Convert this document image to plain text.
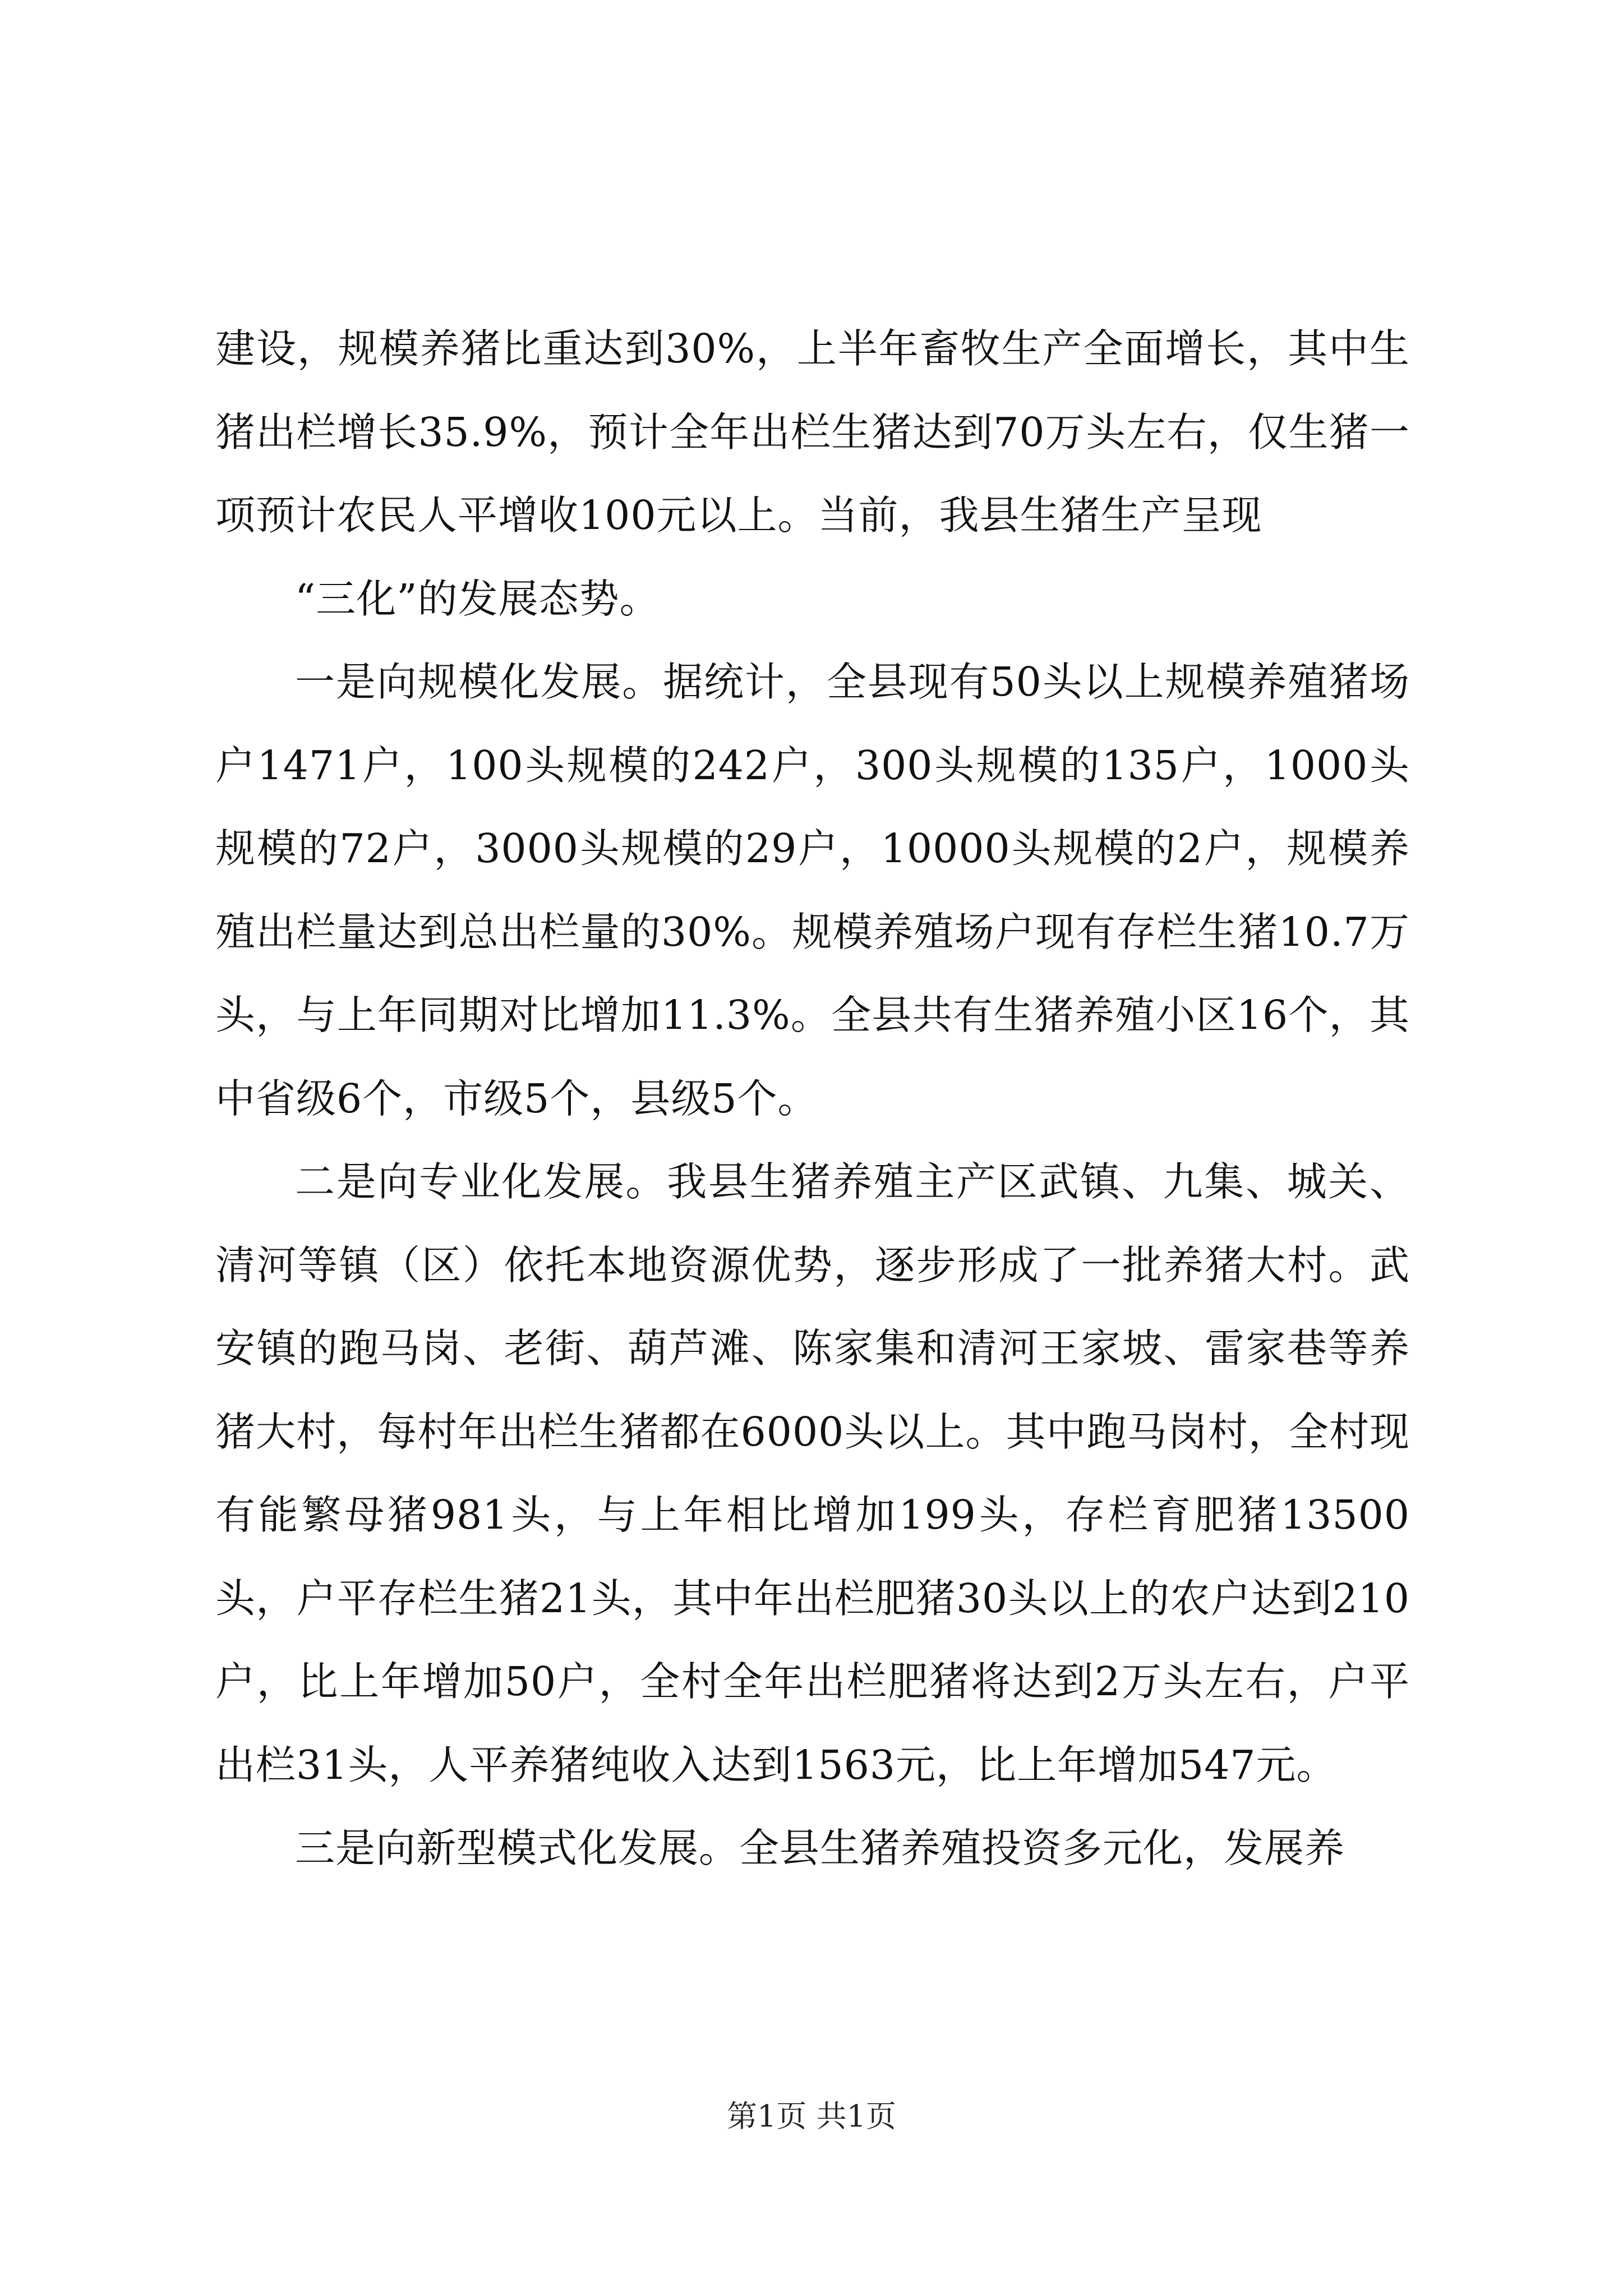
建设，规模养猪比重达到30%，上半年畜牧生产全面增长，其中生猪出栏增长35.9%，预计全年出栏生猪达到70万头左右，仅生猪一项预计农民人平增收100元以上。当前，我县生猪生产呈现

“三化”的发展态势。

一是向规模化发展。据统计，全县现有50头以上规模养殖猪场户1471户，100头规模的242户，300头规模的135户，1000头规模的72户，3000头规模的29户，10000头规模的2户，规模养殖出栏量达到总出栏量的30%。规模养殖场户现有存栏生猪10.7万头，与上年同期对比增加11.3%。全县共有生猪养殖小区16个，其中省级6个，市级5个，县级5个。

二是向专业化发展。我县生猪养殖主产区武镇、九集、城关、清河等镇（区）依托本地资源优势，逐步形成了一批养猪大村。武安镇的跑马岗、老街、葫芦滩、陈家集和清河王家坡、雷家巷等养猪大村，每村年出栏生猪都在6000头以上。其中跑马岗村，全村现有能繁母猪981头，与上年相比增加199头，存栏育肥猪13500头，户平存栏生猪21头，其中年出栏肥猪30头以上的农户达到210户，比上年增加50户，全村全年出栏肥猪将达到2万头左右，户平出栏31头，人平养猪纯收入达到1563元，比上年增加547元。

三是向新型模式化发展。全县生猪养殖投资多元化，发展养

第1页 共1页
